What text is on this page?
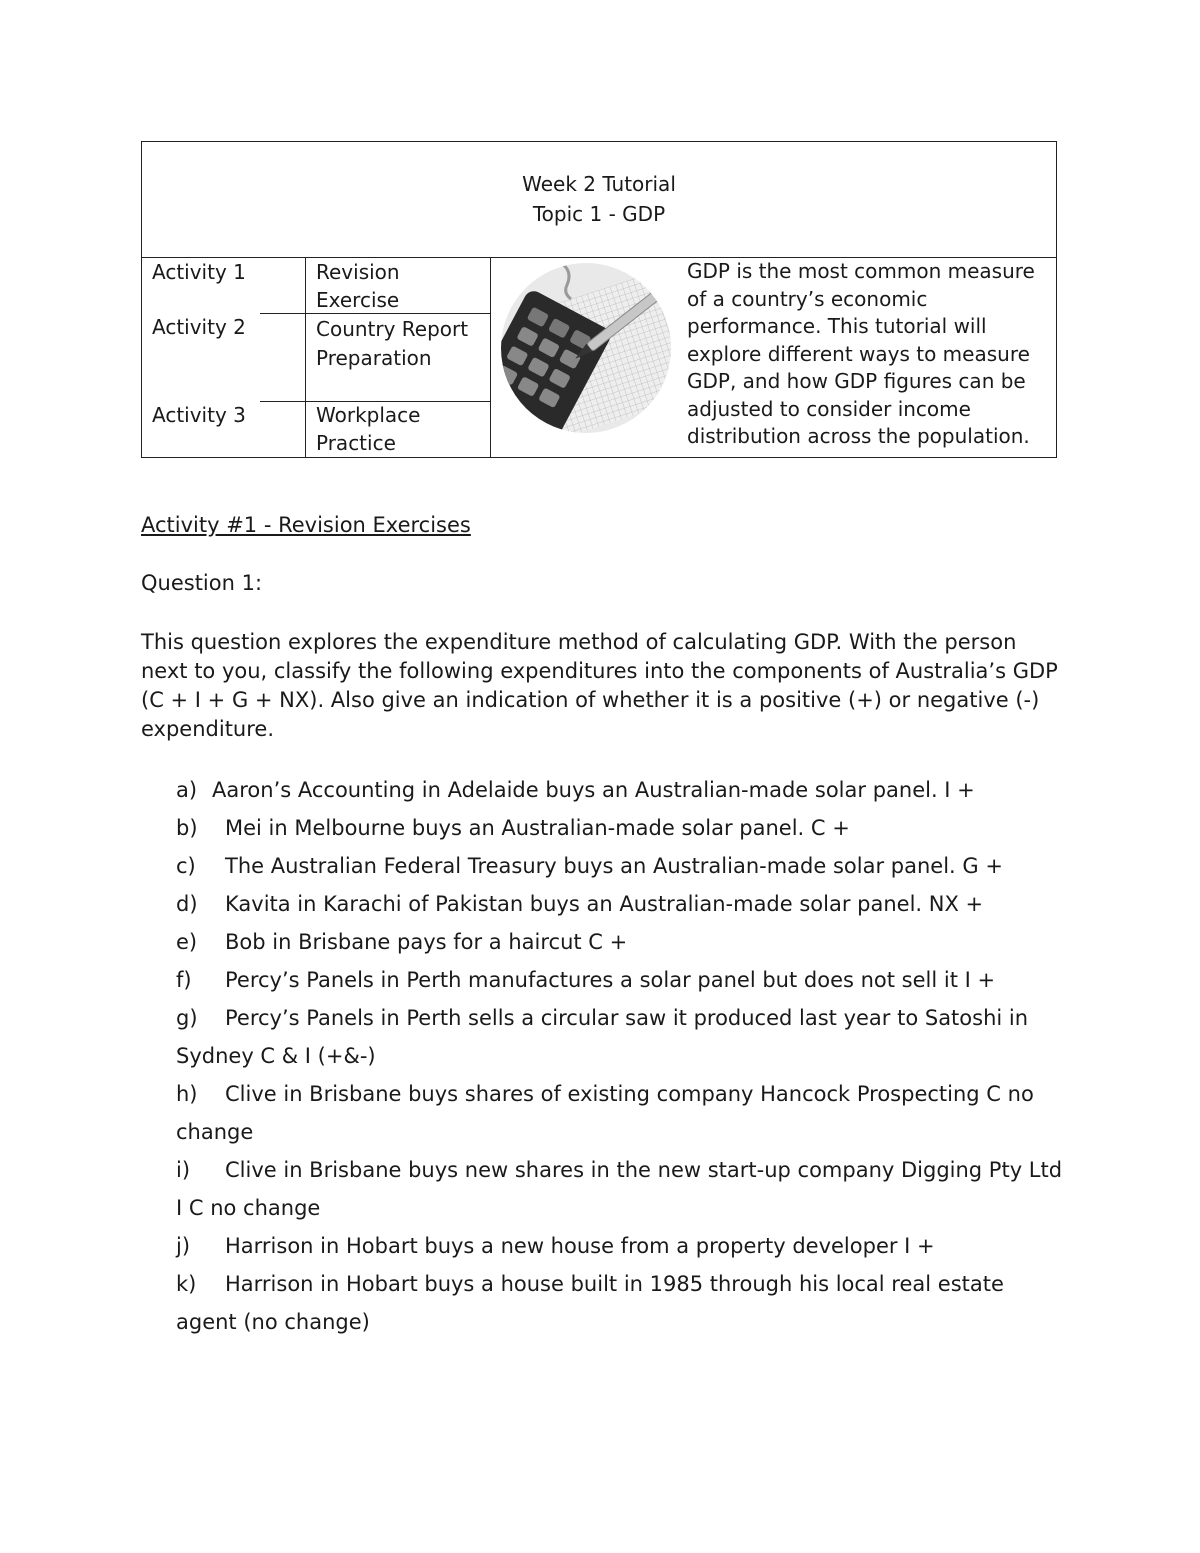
Week 2 Tutorial
Topic 1 - GDP
Activity 1	Revision Exercise
Activity 2	Country Report Preparation
Activity 3	Workplace Practice
GDP is the most common measure of a country’s economic performance. This tutorial will explore different ways to measure GDP, and how GDP figures can be adjusted to consider income distribution across the population.
Activity #1 - Revision Exercises
Question 1:
This question explores the expenditure method of calculating GDP. With the person next to you, classify the following expenditures into the components of Australia’s GDP (C + I + G + NX). Also give an indication of whether it is a positive (+) or negative (-) expenditure.
a) Aaron’s Accounting in Adelaide buys an Australian-made solar panel. I +
b) Mei in Melbourne buys an Australian-made solar panel. C +
c) The Australian Federal Treasury buys an Australian-made solar panel. G +
d) Kavita in Karachi of Pakistan buys an Australian-made solar panel. NX +
e) Bob in Brisbane pays for a haircut C +
f) Percy’s Panels in Perth manufactures a solar panel but does not sell it I +
g) Percy’s Panels in Perth sells a circular saw it produced last year to Satoshi in Sydney C & I (+&-)
h) Clive in Brisbane buys shares of existing company Hancock Prospecting C no change
i) Clive in Brisbane buys new shares in the new start-up company Digging Pty Ltd I C no change
j) Harrison in Hobart buys a new house from a property developer I +
k) Harrison in Hobart buys a house built in 1985 through his local real estate agent (no change)
